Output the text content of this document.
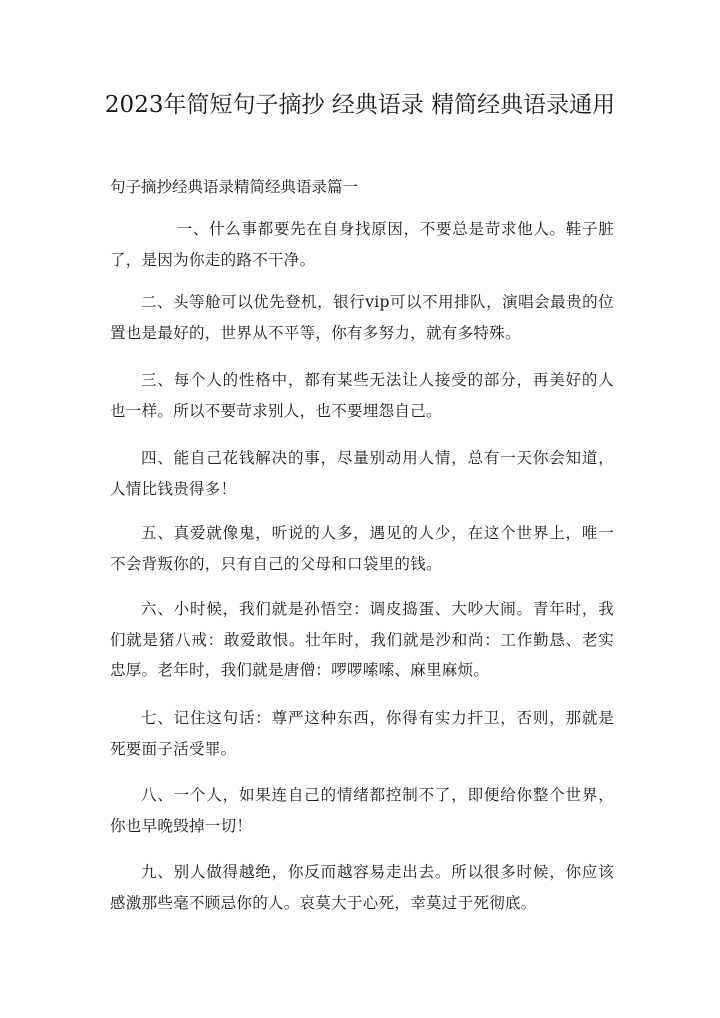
2023年简短句子摘抄 经典语录 精简经典语录通用

句子摘抄经典语录精简经典语录篇一

一、什么事都要先在自身找原因，不要总是苛求他人。鞋子脏了，是因为你走的路不干净。

二、头等舱可以优先登机，银行vip可以不用排队，演唱会最贵的位置也是最好的，世界从不平等，你有多努力，就有多特殊。

三、每个人的性格中，都有某些无法让人接受的部分，再美好的人也一样。所以不要苛求别人，也不要埋怨自己。

四、能自己花钱解决的事，尽量别动用人情，总有一天你会知道，人情比钱贵得多！

五、真爱就像鬼，听说的人多，遇见的人少，在这个世界上，唯一不会背叛你的，只有自己的父母和口袋里的钱。

六、小时候，我们就是孙悟空：调皮捣蛋、大吵大闹。青年时，我们就是猪八戒：敢爱敢恨。壮年时，我们就是沙和尚：工作勤恳、老实忠厚。老年时，我们就是唐僧：啰啰嗦嗦、麻里麻烦。

七、记住这句话：尊严这种东西，你得有实力扞卫，否则，那就是死要面子活受罪。

八、一个人，如果连自己的情绪都控制不了，即便给你整个世界，你也早晚毁掉一切！

九、别人做得越绝，你反而越容易走出去。所以很多时候，你应该感激那些毫不顾忌你的人。哀莫大于心死，幸莫过于死彻底。
